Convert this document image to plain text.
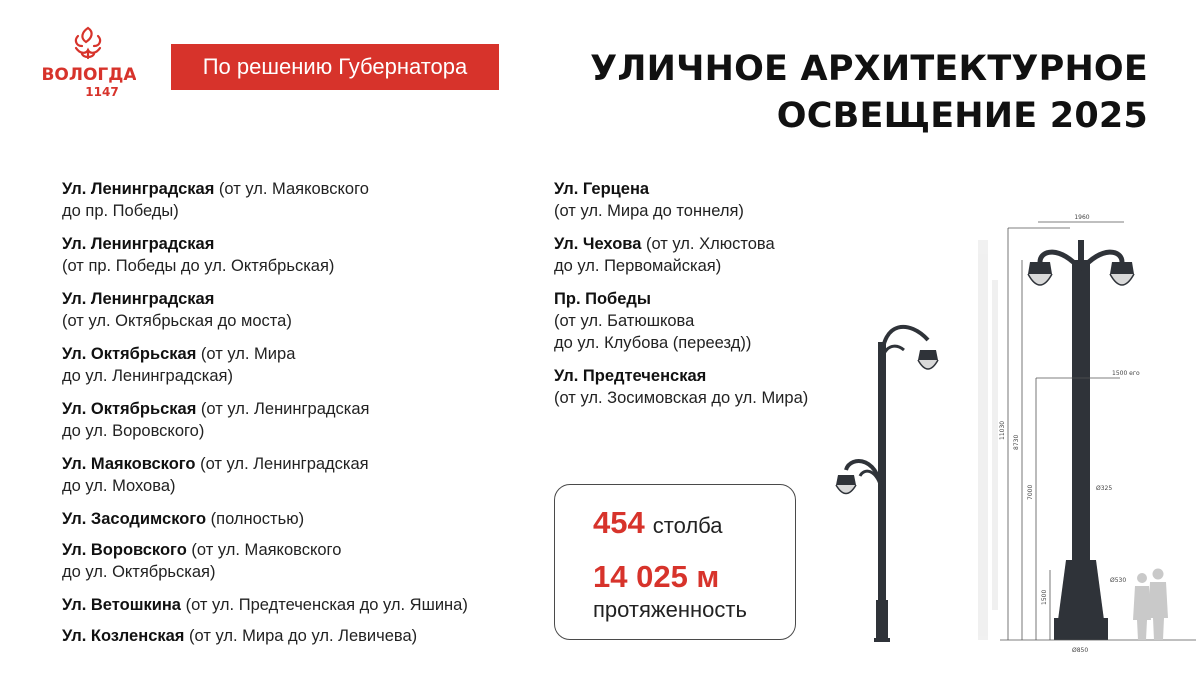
ВОЛОГДА
1147
По решению Губернатора	УЛИЧНОЕ АРХИТЕКТУРНОЕ
ОСВЕЩЕНИЕ 2025
Ул. Ленинградская (от ул. Маяковского
до пр. Победы)
Ул. Ленинградская
(от пр. Победы до ул. Октябрьская)
Ул. Ленинградская
(от ул. Октябрьская до моста)
Ул. Октябрьская (от ул. Мира
до ул. Ленинградская)
Ул. Октябрьская (от ул. Ленинградская
до ул. Воровского)
Ул. Маяковского (от ул. Ленинградская
до ул. Мохова)
Ул. Засодимского (полностью)
Ул. Воровского (от ул. Маяковского
до ул. Октябрьская)
Ул. Ветошкина (от ул. Предтеченская до ул. Яшина)
Ул. Козленская (от ул. Мира до ул. Левичева)
Ул. Герцена
(от ул. Мира до тоннеля)
Ул. Чехова (от ул. Хлюстова
до ул. Первомайская)
Пр. Победы
(от ул. Батюшкова
до ул. Клубова (переезд))
Ул. Предтеченская
(от ул. Зосимовская до ул. Мира)
454 столба
14 025 м
протяженность
1960
1500 его
11030
8730
7000
1500
Ø325
Ø530
Ø850
